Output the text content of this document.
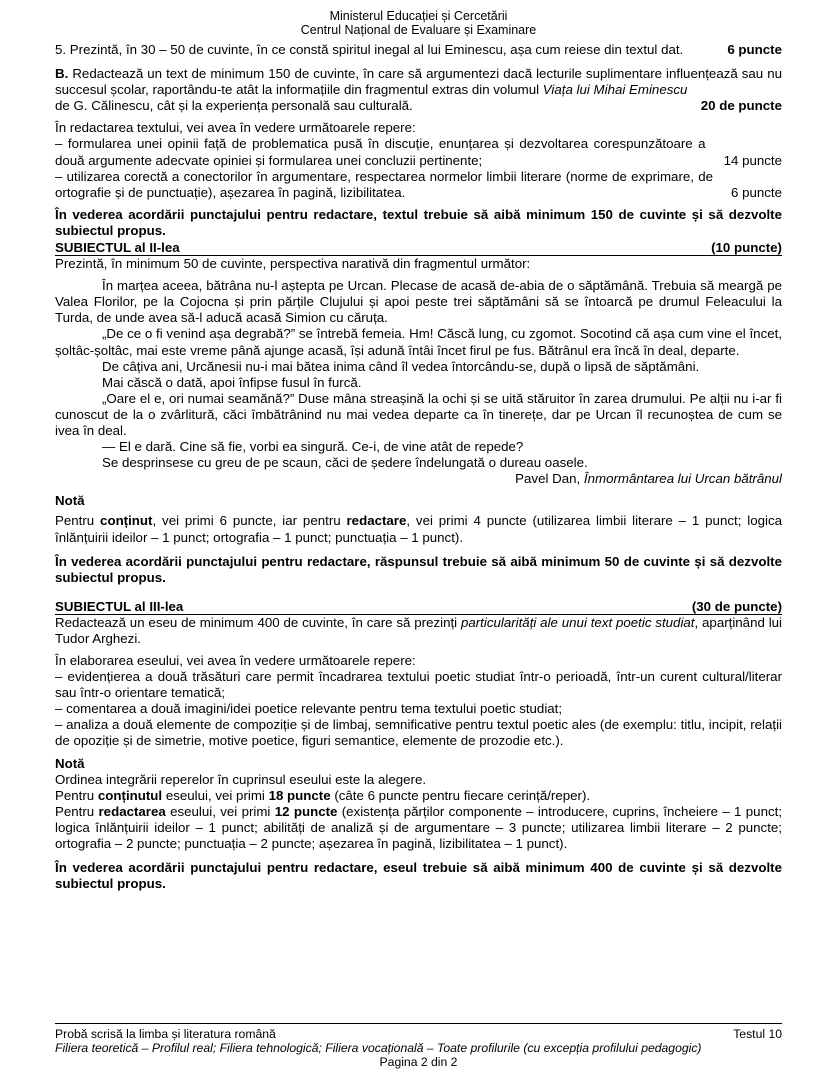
Ministerul Educației și Cercetării
Centrul Național de Evaluare și Examinare
5. Prezintă, în 30 – 50 de cuvinte, în ce constă spiritul inegal al lui Eminescu, așa cum reiese din textul dat.	6 puncte

B. Redactează un text de minimum 150 de cuvinte, în care să argumentezi dacă lecturile suplimentare influențează sau nu succesul școlar, raportându-te atât la informațiile din fragmentul extras din volumul Viața lui Mihai Eminescu

de G. Călinescu, cât și la experiența personală sau culturală.	20 de puncte

În redactarea textului, vei avea în vedere următoarele repere:

– formularea unei opinii față de problematica pusă în discuție, enunțarea și dezvoltarea corespunzătoare a două argumente adecvate opiniei și formularea unei concluzii pertinente;	14 puncte
– utilizarea corectă a conectorilor în argumentare, respectarea normelor limbii literare (norme de exprimare, de ortografie și de punctuație), așezarea în pagină, lizibilitatea.	6 puncte

În vederea acordării punctajului pentru redactare, textul trebuie să aibă minimum 150 de cuvinte și să dezvolte subiectul propus.

SUBIECTUL al II-lea	(10 puncte)

Prezintă, în minimum 50 de cuvinte, perspectiva narativă din fragmentul următor:

În marțea aceea, bătrâna nu-l aștepta pe Urcan. Plecase de acasă de-abia de o săptămână. Trebuia să meargă pe Valea Florilor, pe la Cojocna și prin părțile Clujului și apoi peste trei săptămâni să se întoarcă pe drumul Feleacului la Turda, de unde avea să-l aducă acasă Simion cu căruța.

„De ce o fi venind așa degrabă?” se întrebă femeia. Hm! Căscă lung, cu zgomot. Socotind că așa cum vine el încet, șoltâc-șoltâc, mai este vreme până ajunge acasă, își adună întâi încet firul pe fus. Bătrânul era încă în deal, departe.

De câțiva ani, Urcănesii nu-i mai bătea inima când îl vedea întorcându-se, după o lipsă de săptămâni.

Mai căscă o dată, apoi înfipse fusul în furcă.

„Oare el e, ori numai seamănă?” Duse mâna streașină la ochi și se uită stăruitor în zarea drumului. Pe alții nu i-ar fi cunoscut de la o zvârlitură, căci îmbătrânind nu mai vedea departe ca în tinerețe, dar pe Urcan îl recunoștea de cum se ivea în deal.

— El e dară. Cine să fie, vorbi ea singură. Ce-i, de vine atât de repede?

Se desprinsese cu greu de pe scaun, căci de ședere îndelungată o dureau oasele.

Pavel Dan, Înmormântarea lui Urcan bătrânul

Notă

Pentru conținut, vei primi 6 puncte, iar pentru redactare, vei primi 4 puncte (utilizarea limbii literare – 1 punct; logica înlănțuirii ideilor – 1 punct; ortografia – 1 punct; punctuația – 1 punct).

În vederea acordării punctajului pentru redactare, răspunsul trebuie să aibă minimum 50 de cuvinte și să dezvolte subiectul propus.

SUBIECTUL al III-lea	(30 de puncte)

Redactează un eseu de minimum 400 de cuvinte, în care să prezinți particularități ale unui text poetic studiat, aparținând lui Tudor Arghezi.

În elaborarea eseului, vei avea în vedere următoarele repere:

– evidențierea a două trăsături care permit încadrarea textului poetic studiat într-o perioadă, într-un curent cultural/literar sau într-o orientare tematică;

– comentarea a două imagini/idei poetice relevante pentru tema textului poetic studiat;

– analiza a două elemente de compoziție și de limbaj, semnificative pentru textul poetic ales (de exemplu: titlu, incipit, relații de opoziție și de simetrie, motive poetice, figuri semantice, elemente de prozodie etc.).

Notă

Ordinea integrării reperelor în cuprinsul eseului este la alegere.

Pentru conținutul eseului, vei primi 18 puncte (câte 6 puncte pentru fiecare cerință/reper).

Pentru redactarea eseului, vei primi 12 puncte (existența părților componente – introducere, cuprins, încheiere – 1 punct; logica înlănțuirii ideilor – 1 punct; abilități de analiză și de argumentare – 3 puncte; utilizarea limbii literare – 2 puncte; ortografia – 2 puncte; punctuația – 2 puncte; așezarea în pagină, lizibilitatea – 1 punct).

În vederea acordării punctajului pentru redactare, eseul trebuie să aibă minimum 400 de cuvinte și să dezvolte subiectul propus.

Probă scrisă la limba și literatura română	Testul 10
Filiera teoretică – Profilul real; Filiera tehnologică; Filiera vocațională – Toate profilurile (cu excepția profilului pedagogic)
Pagina 2 din 2
